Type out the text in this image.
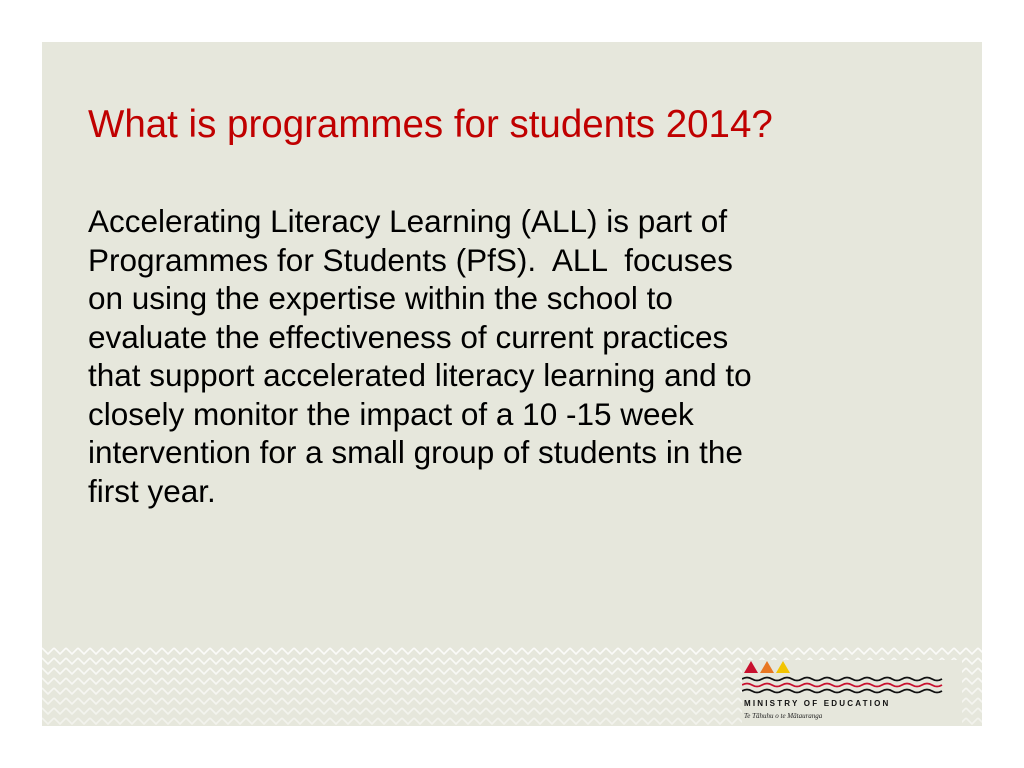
What is programmes for students 2014?
Accelerating Literacy Learning (ALL) is part of
Programmes for Students (PfS).  ALL  focuses
on using the expertise within the school to
evaluate the effectiveness of current practices
that support accelerated literacy learning and to
closely monitor the impact of a 10 -15 week
intervention for a small group of students in the
first year.
MINISTRY OF EDUCATION
Te Tāhuhu o te Mātauranga
